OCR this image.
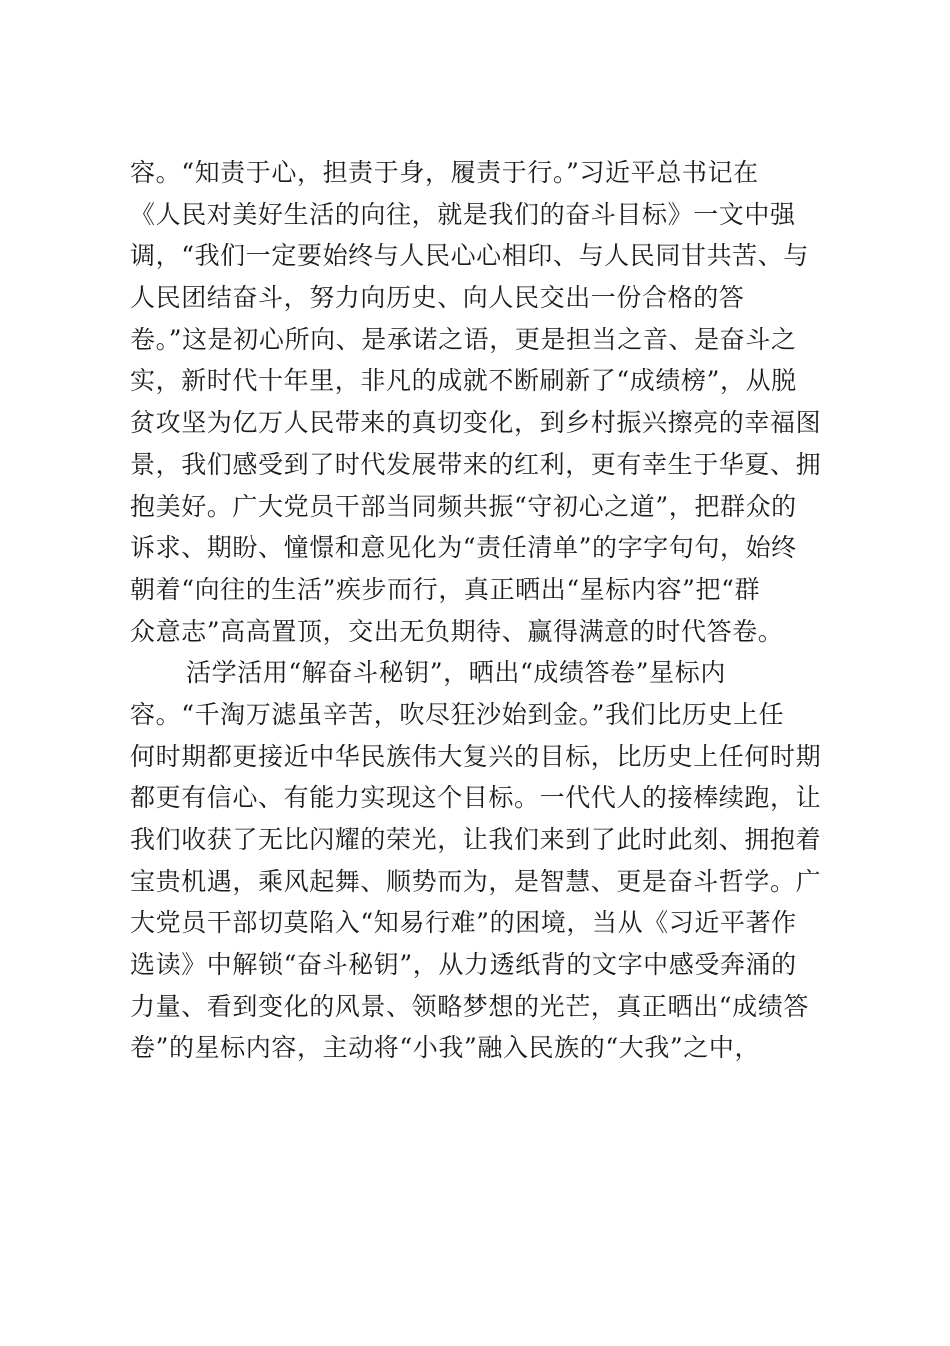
容。“知责于心，担责于身，履责于行。”习近平总书记在
《人民对美好生活的向往，就是我们的奋斗目标》一文中强
调，“我们一定要始终与人民心心相印、与人民同甘共苦、与
人民团结奋斗，努力向历史、向人民交出一份合格的答
卷。”这是初心所向、是承诺之语，更是担当之音、是奋斗之
实，新时代十年里，非凡的成就不断刷新了“成绩榜”，从脱
贫攻坚为亿万人民带来的真切变化，到乡村振兴擦亮的幸福图
景，我们感受到了时代发展带来的红利，更有幸生于华夏、拥
抱美好。广大党员干部当同频共振“守初心之道”，把群众的
诉求、期盼、憧憬和意见化为“责任清单”的字字句句，始终
朝着“向往的生活”疾步而行，真正晒出“星标内容”把“群
众意志”高高置顶，交出无负期待、赢得满意的时代答卷。
活学活用“解奋斗秘钥”，晒出“成绩答卷”星标内
容。“千淘万滤虽辛苦，吹尽狂沙始到金。”我们比历史上任
何时期都更接近中华民族伟大复兴的目标，比历史上任何时期
都更有信心、有能力实现这个目标。一代代人的接棒续跑，让
我们收获了无比闪耀的荣光，让我们来到了此时此刻、拥抱着
宝贵机遇，乘风起舞、顺势而为，是智慧、更是奋斗哲学。广
大党员干部切莫陷入“知易行难”的困境，当从《习近平著作
选读》中解锁“奋斗秘钥”，从力透纸背的文字中感受奔涌的
力量、看到变化的风景、领略梦想的光芒，真正晒出“成绩答
卷”的星标内容，主动将“小我”融入民族的“大我”之中，
